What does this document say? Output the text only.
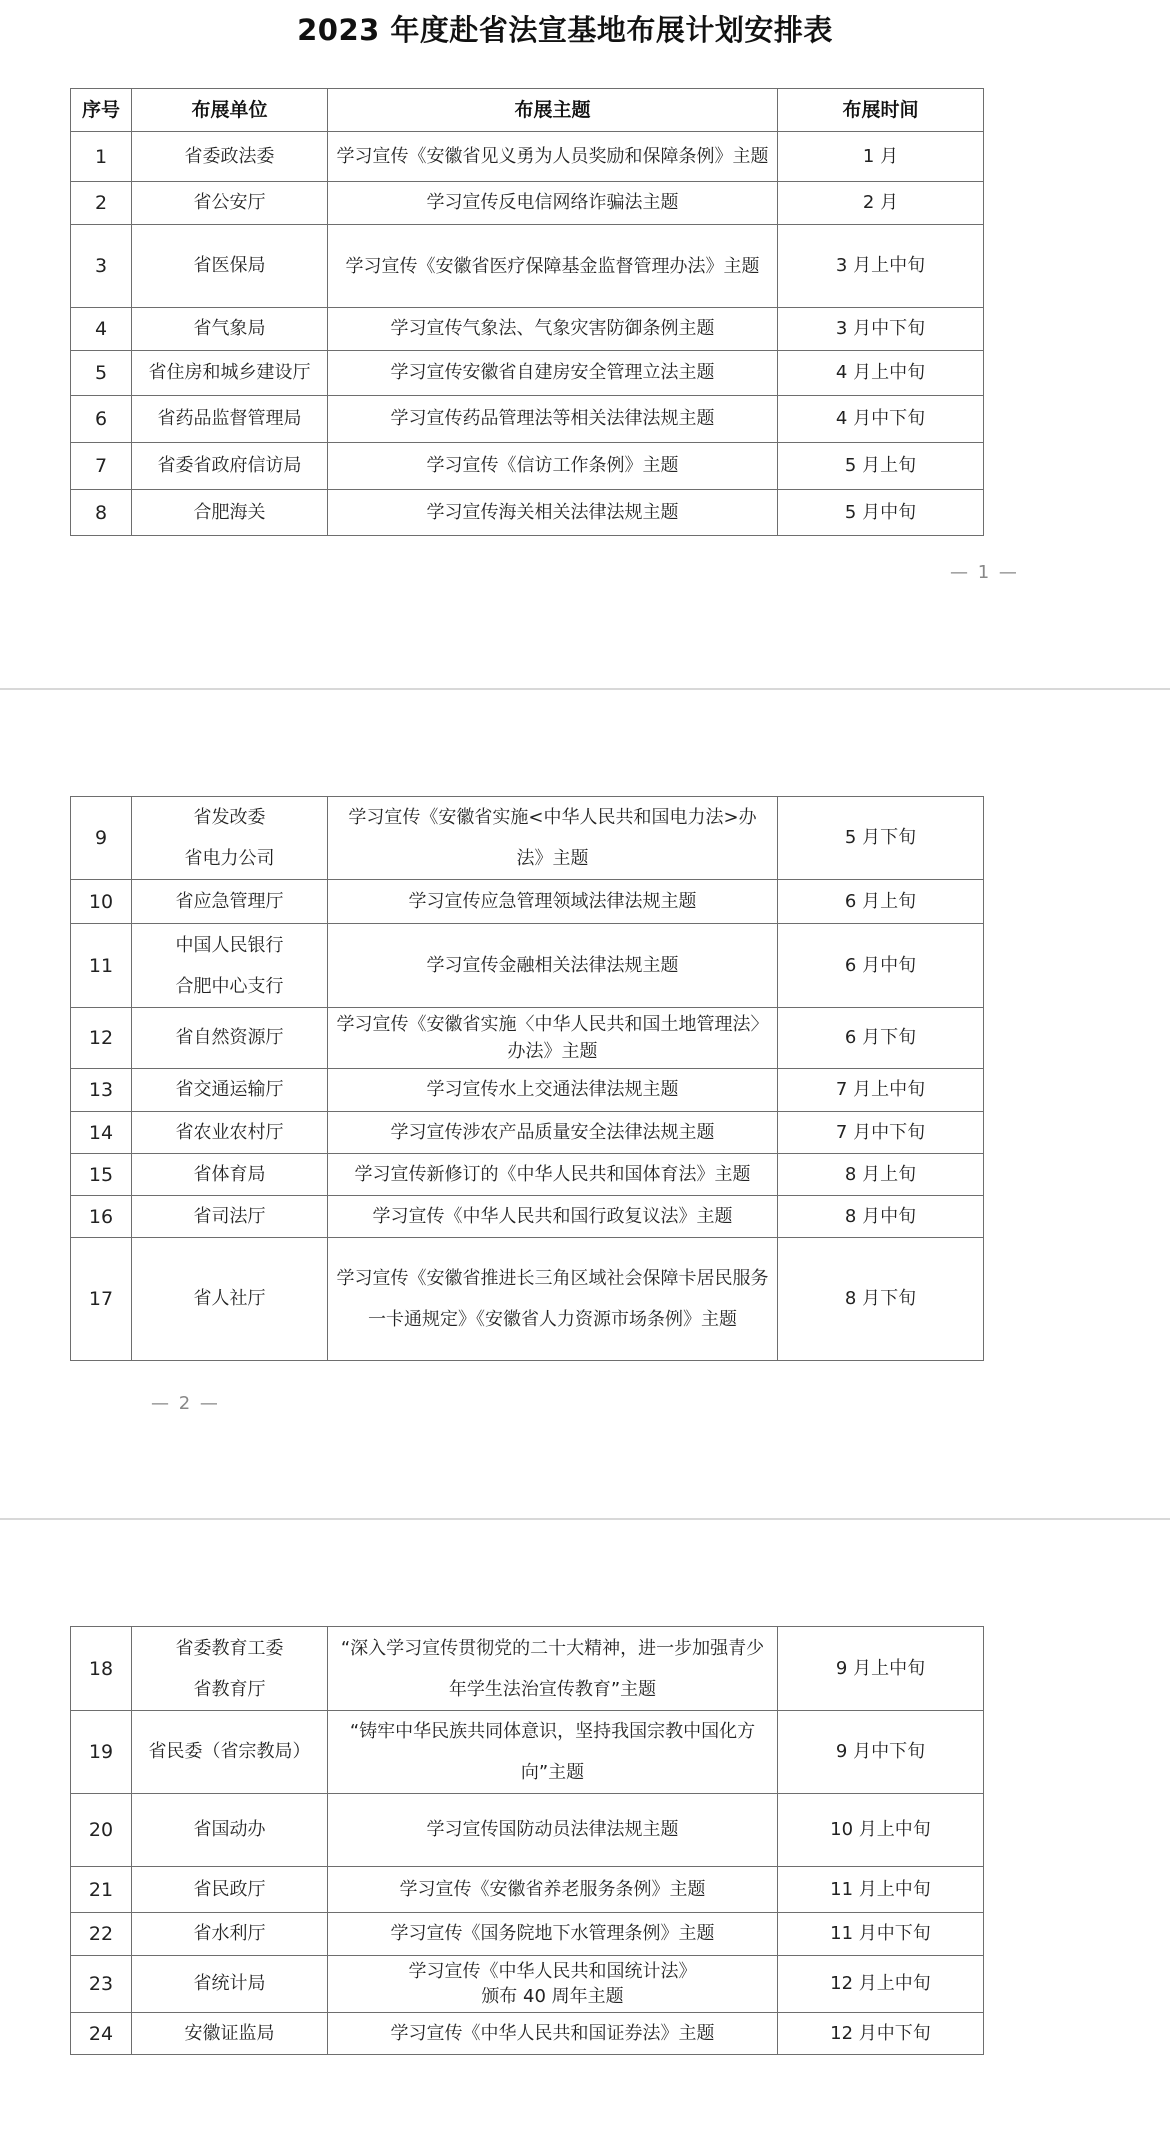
2023 年度赴省法宣基地布展计划安排表
序号	布展单位	布展主题	布展时间
1	省委政法委	学习宣传《安徽省见义勇为人员奖励和保障条例》主题	1 月
2	省公安厅	学习宣传反电信网络诈骗法主题	2 月
3	省医保局	学习宣传《安徽省医疗保障基金监督管理办法》主题	3 月上中旬
4	省气象局	学习宣传气象法、气象灾害防御条例主题	3 月中下旬
5	省住房和城乡建设厅	学习宣传安徽省自建房安全管理立法主题	4 月上中旬
6	省药品监督管理局	学习宣传药品管理法等相关法律法规主题	4 月中下旬
7	省委省政府信访局	学习宣传《信访工作条例》主题	5 月上旬
8	合肥海关	学习宣传海关相关法律法规主题	5 月中旬
— 1 —
9	省发改委
省电力公司	学习宣传《安徽省实施<中华人民共和国电力法>办法》主题	5 月下旬
10	省应急管理厅	学习宣传应急管理领域法律法规主题	6 月上旬
11	中国人民银行
合肥中心支行	学习宣传金融相关法律法规主题	6 月中旬
12	省自然资源厅	学习宣传《安徽省实施〈中华人民共和国土地管理法〉办法》主题	6 月下旬
13	省交通运输厅	学习宣传水上交通法律法规主题	7 月上中旬
14	省农业农村厅	学习宣传涉农产品质量安全法律法规主题	7 月中下旬
15	省体育局	学习宣传新修订的《中华人民共和国体育法》主题	8 月上旬
16	省司法厅	学习宣传《中华人民共和国行政复议法》主题	8 月中旬
17	省人社厅	学习宣传《安徽省推进长三角区域社会保障卡居民服务一卡通规定》《安徽省人力资源市场条例》主题	8 月下旬
— 2 —
18	省委教育工委
省教育厅	“深入学习宣传贯彻党的二十大精神，进一步加强青少年学生法治宣传教育”主题	9 月上中旬
19	省民委（省宗教局）	“铸牢中华民族共同体意识，坚持我国宗教中国化方向”主题	9 月中下旬
20	省国动办	学习宣传国防动员法律法规主题	10 月上中旬
21	省民政厅	学习宣传《安徽省养老服务条例》主题	11 月上中旬
22	省水利厅	学习宣传《国务院地下水管理条例》主题	11 月中下旬
23	省统计局	学习宣传《中华人民共和国统计法》
颁布 40 周年主题	12 月上中旬
24	安徽证监局	学习宣传《中华人民共和国证券法》主题	12 月中下旬
